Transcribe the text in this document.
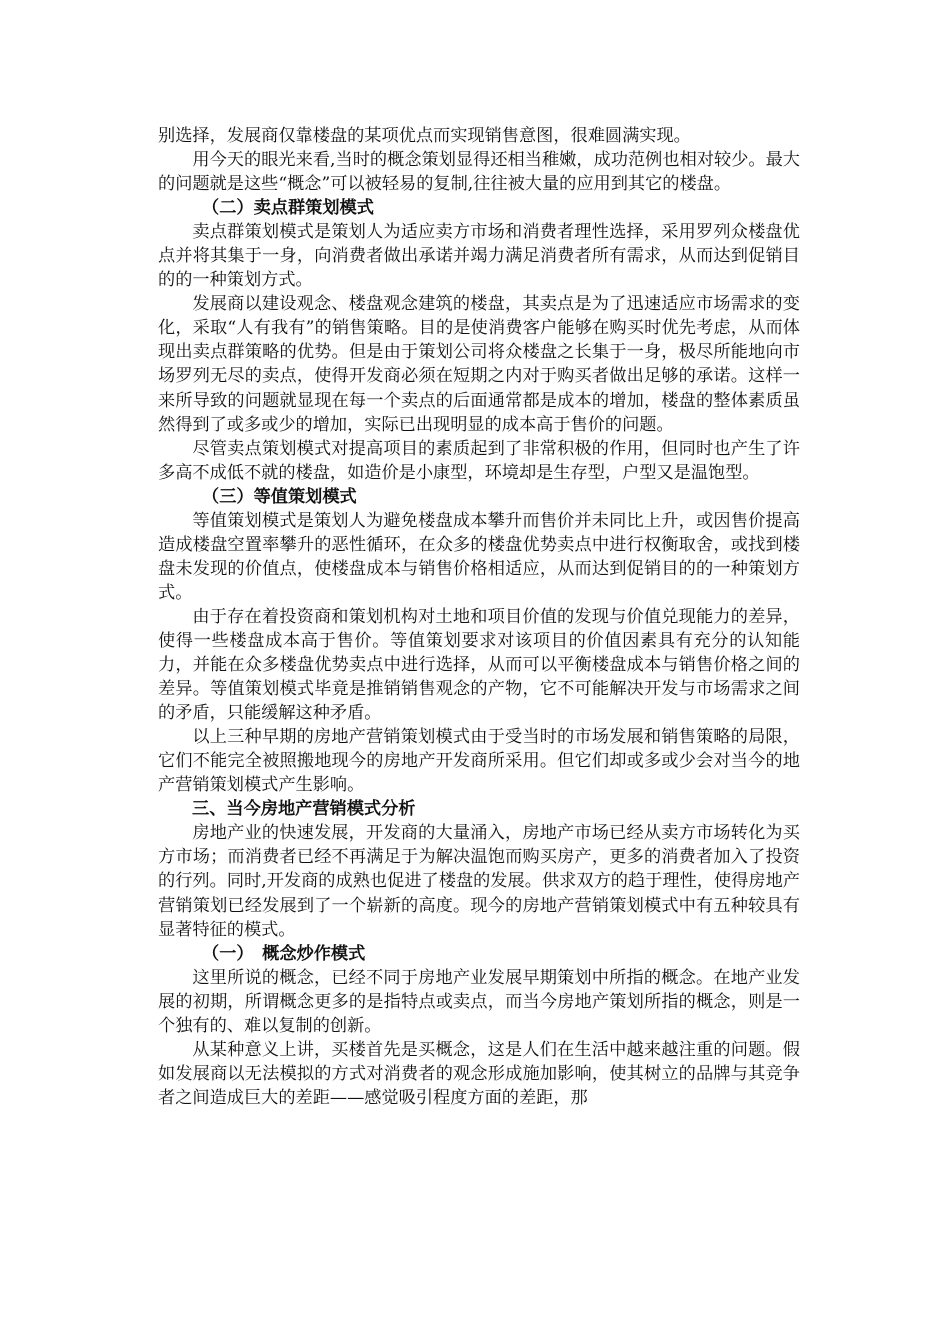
别选择，发展商仅靠楼盘的某项优点而实现销售意图，很难圆满实现。

用今天的眼光来看,当时的概念策划显得还相当稚嫩，成功范例也相对较少。最大的问题就是这些“概念”可以被轻易的复制,往往被大量的应用到其它的楼盘。

（二）卖点群策划模式

卖点群策划模式是策划人为适应卖方市场和消费者理性选择，采用罗列众楼盘优点并将其集于一身，向消费者做出承诺并竭力满足消费者所有需求，从而达到促销目的的一种策划方式。

发展商以建设观念、楼盘观念建筑的楼盘，其卖点是为了迅速适应市场需求的变化，采取“人有我有”的销售策略。目的是使消费客户能够在购买时优先考虑，从而体现出卖点群策略的优势。但是由于策划公司将众楼盘之长集于一身，极尽所能地向市场罗列无尽的卖点，使得开发商必须在短期之内对于购买者做出足够的承诺。这样一来所导致的问题就显现在每一个卖点的后面通常都是成本的增加，楼盘的整体素质虽然得到了或多或少的增加，实际已出现明显的成本高于售价的问题。

尽管卖点策划模式对提高项目的素质起到了非常积极的作用，但同时也产生了许多高不成低不就的楼盘，如造价是小康型，环境却是生存型，户型又是温饱型。

（三）等值策划模式

等值策划模式是策划人为避免楼盘成本攀升而售价并未同比上升，或因售价提高造成楼盘空置率攀升的恶性循环，在众多的楼盘优势卖点中进行权衡取舍，或找到楼盘未发现的价值点，使楼盘成本与销售价格相适应，从而达到促销目的的一种策划方式。

由于存在着投资商和策划机构对土地和项目价值的发现与价值兑现能力的差异，使得一些楼盘成本高于售价。等值策划要求对该项目的价值因素具有充分的认知能力，并能在众多楼盘优势卖点中进行选择，从而可以平衡楼盘成本与销售价格之间的差异。等值策划模式毕竟是推销销售观念的产物，它不可能解决开发与市场需求之间的矛盾，只能缓解这种矛盾。

以上三种早期的房地产营销策划模式由于受当时的市场发展和销售策略的局限，它们不能完全被照搬地现今的房地产开发商所采用。但它们却或多或少会对当今的地产营销策划模式产生影响。

三、当今房地产营销模式分析

房地产业的快速发展，开发商的大量涌入，房地产市场已经从卖方市场转化为买方市场；而消费者已经不再满足于为解决温饱而购买房产，更多的消费者加入了投资的行列。同时,开发商的成熟也促进了楼盘的发展。供求双方的趋于理性，使得房地产营销策划已经发展到了一个崭新的高度。现今的房地产营销策划模式中有五种较具有显著特征的模式。

（一）　概念炒作模式

这里所说的概念，已经不同于房地产业发展早期策划中所指的概念。在地产业发展的初期，所谓概念更多的是指特点或卖点，而当今房地产策划所指的概念，则是一个独有的、难以复制的创新。

从某种意义上讲，买楼首先是买概念，这是人们在生活中越来越注重的问题。假如发展商以无法模拟的方式对消费者的观念形成施加影响，使其树立的品牌与其竞争者之间造成巨大的差距——感觉吸引程度方面的差距，那
